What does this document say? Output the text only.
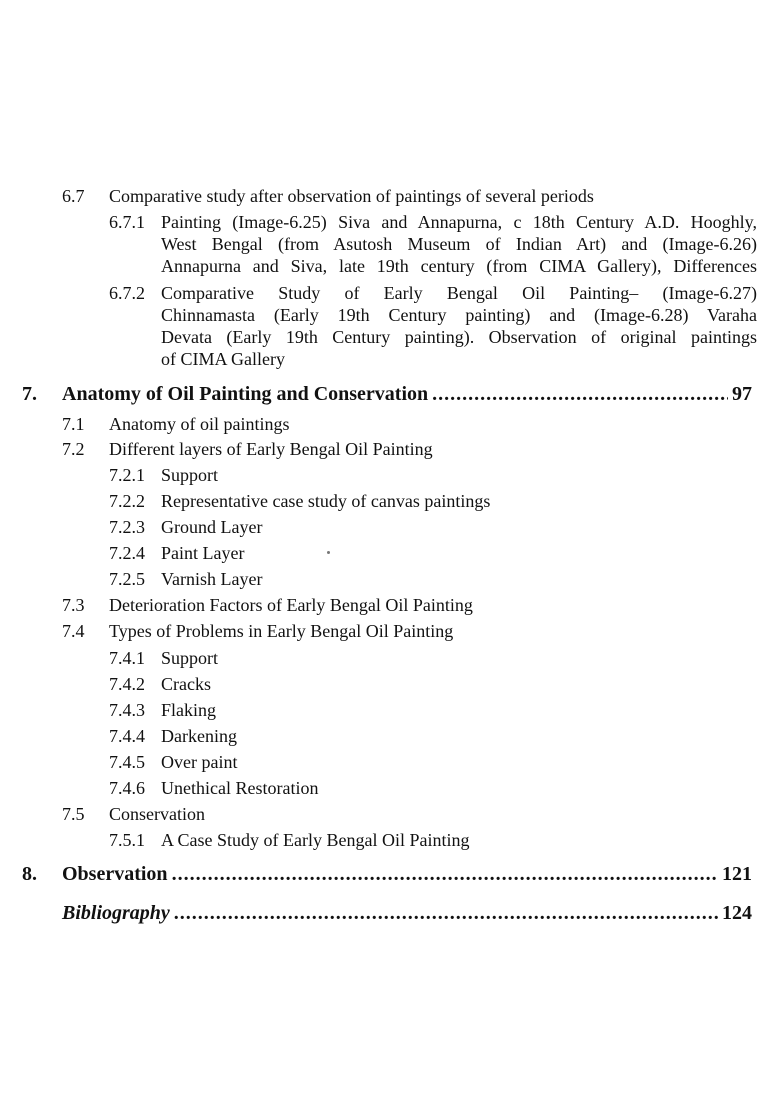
6.7 Comparative study after observation of paintings of several periods
6.7.1 Painting (Image-6.25) Siva and Annapurna, c 18th Century A.D. Hooghly,
West Bengal (from Asutosh Museum of Indian Art) and (Image-6.26)
Annapurna and Siva, late 19th century (from CIMA Gallery), Differences
6.7.2 Comparative Study of Early Bengal Oil Painting– (Image-6.27)
Chinnamasta (Early 19th Century painting) and (Image-6.28) Varaha
Devata (Early 19th Century painting). Observation of original paintings
of CIMA Gallery
7.	Anatomy of Oil Painting and Conservation .....	97
7.1 Anatomy of oil paintings
7.2 Different layers of Early Bengal Oil Painting
7.2.1 Support
7.2.2 Representative case study of canvas paintings
7.2.3 Ground Layer
7.2.4 Paint Layer
7.2.5 Varnish Layer
7.3 Deterioration Factors of Early Bengal Oil Painting
7.4 Types of Problems in Early Bengal Oil Painting
7.4.1 Support
7.4.2 Cracks
7.4.3 Flaking
7.4.4 Darkening
7.4.5 Over paint
7.4.6 Unethical Restoration
7.5 Conservation
7.5.1 A Case Study of Early Bengal Oil Painting
8.	Observation .....	121
Bibliography .....	124
